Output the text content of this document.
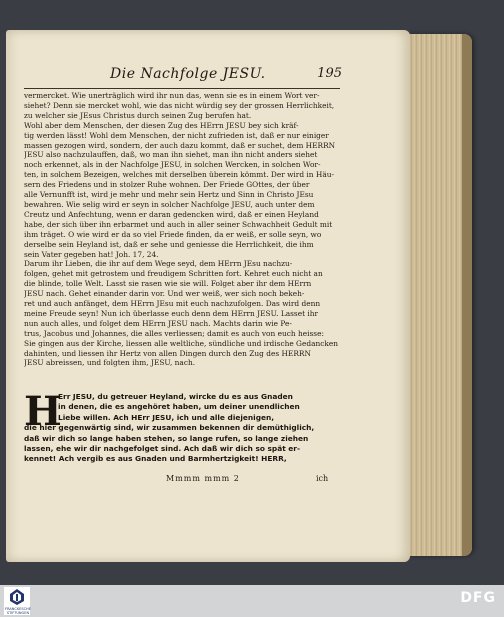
Die Nachfolge JESU.	195
vermercket. Wie unerträglich wird ihr nun das, wenn sie es in einem Wort ver-
siehet? Denn sie mercket wohl, wie das nicht würdig sey der grossen Herrlichkeit,
zu welcher sie JEsus Christus durch seinen Zug berufen hat.
Wohl aber dem Menschen, der diesen Zug des HErrn JESU bey sich kräf-
tig werden lässt! Wohl dem Menschen, der nicht zufrieden ist, daß er nur einiger
massen gezogen wird, sondern, der auch dazu kommt, daß er suchet, dem HERRN
JESU also nachzulauffen, daß, wo man ihn siehet, man ihn nicht anders siehet
noch erkennet, als in der Nachfolge JESU, in solchen Wercken, in solchen Wor-
ten, in solchem Bezeigen, welches mit derselben überein kömmt. Der wird in Häu-
sern des Friedens und in stolzer Ruhe wohnen. Der Friede GOttes, der über
alle Vernunfft ist, wird je mehr und mehr sein Hertz und Sinn in Christo JEsu
bewahren. Wie selig wird er seyn in solcher Nachfolge JESU, auch unter dem
Creutz und Anfechtung, wenn er daran gedencken wird, daß er einen Heyland
habe, der sich über ihn erbarmet und auch in aller seiner Schwachheit Gedult mit
ihm träget. O wie wird er da so viel Friede finden, da er weiß, er solle seyn, wo
derselbe sein Heyland ist, daß er sehe und geniesse die Herrlichkeit, die ihm
sein Vater gegeben hat! Joh. 17, 24.
Darum ihr Lieben, die ihr auf dem Wege seyd, dem HErrn JEsu nachzu-
folgen, gehet mit getrostem und freudigem Schritten fort. Kehret euch nicht an
die blinde, tolle Welt. Lasst sie rasen wie sie will. Folget aber ihr dem HErrn
JESU nach. Gehet einander darin vor. Und wer weiß, wer sich noch bekeh-
ret und auch anfänget, dem HErrn JEsu mit euch nachzufolgen. Das wird denn
meine Freude seyn! Nun ich überlasse euch denn dem HErrn JESU. Lasset ihr
nun auch alles, und folget dem HErrn JESU nach. Machts darin wie Pe-
trus, Jacobus und Johannes, die alles verliessen; damit es auch von euch heisse:
Sie gingen aus der Kirche, liessen alle weltliche, sündliche und irdische Gedancken
dahinten, und liessen ihr Hertz von allen Dingen durch den Zug des HERRN
JESU abreissen, und folgten ihm, JESU, nach.
H
Err JESU, du getreuer Heyland, wircke du es aus Gnaden
in denen, die es angehöret haben, um deiner unendlichen
Liebe willen. Ach HErr JESU, ich und alle diejenigen,
die hier gegenwärtig sind, wir zusammen bekennen dir demüthiglich,
daß wir dich so lange haben stehen, so lange rufen, so lange ziehen
lassen, ehe wir dir nachgefolget sind. Ach daß wir dich so spät er-
kennet! Ach vergib es aus Gnaden und Barmhertzigkeit! HERR,
Mmmm mmm 2	ich
FRANCKESCHE
STIFTUNGEN
DFG
